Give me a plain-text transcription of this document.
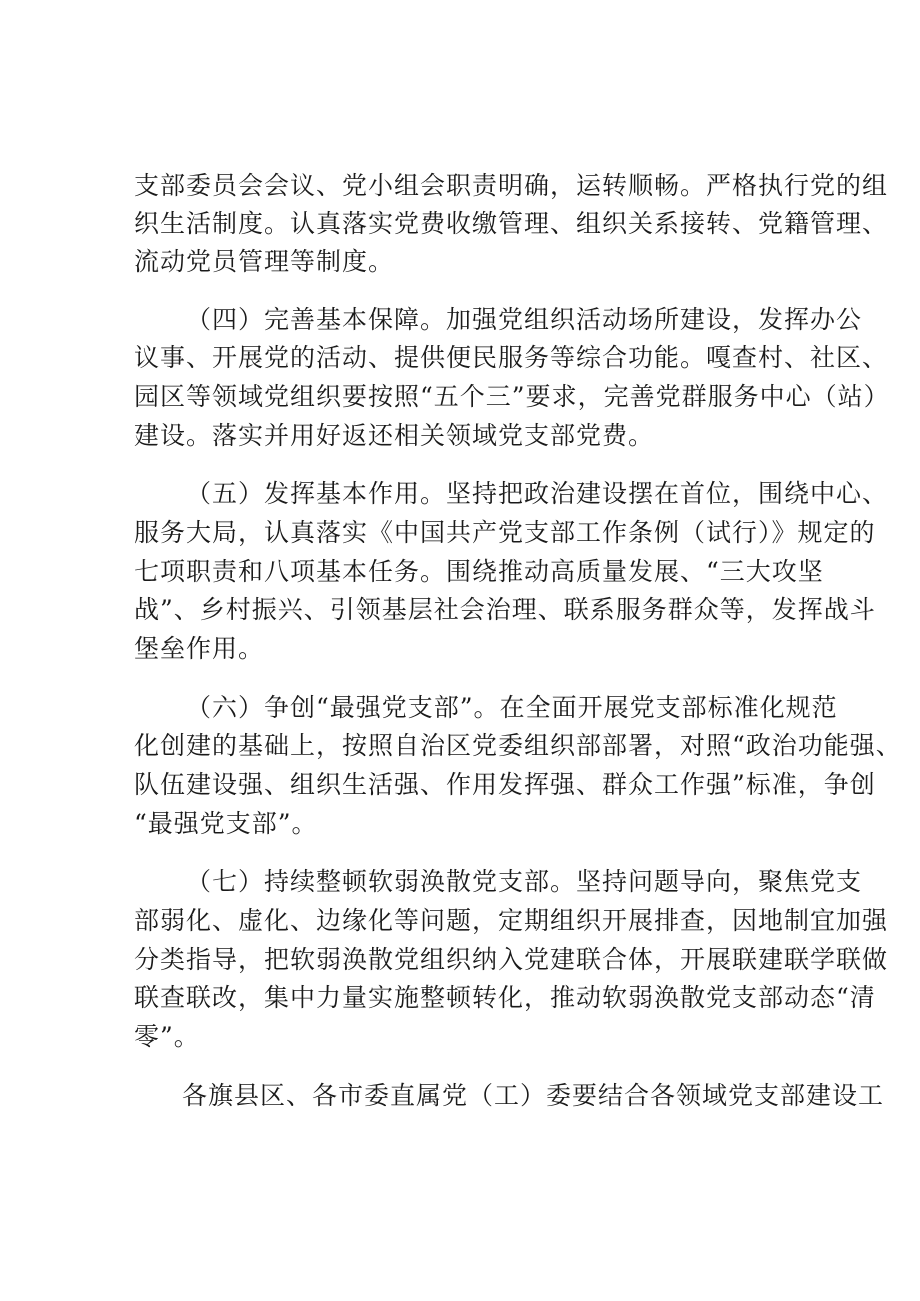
支部委员会会议、党小组会职责明确，运转顺畅。严格执行党的组
织生活制度。认真落实党费收缴管理、组织关系接转、党籍管理、
流动党员管理等制度。
（四）完善基本保障。加强党组织活动场所建设，发挥办公
议事、开展党的活动、提供便民服务等综合功能。嘎查村、社区、
园区等领域党组织要按照“五个三”要求，完善党群服务中心（站）
建设。落实并用好返还相关领域党支部党费。
（五）发挥基本作用。坚持把政治建设摆在首位，围绕中心、
服务大局，认真落实《中国共产党支部工作条例（试行）》规定的
七项职责和八项基本任务。围绕推动高质量发展、“三大攻坚
战”、乡村振兴、引领基层社会治理、联系服务群众等，发挥战斗
堡垒作用。
（六）争创“最强党支部”。在全面开展党支部标准化规范
化创建的基础上，按照自治区党委组织部部署，对照“政治功能强、
队伍建设强、组织生活强、作用发挥强、群众工作强”标准，争创
“最强党支部”。
（七）持续整顿软弱涣散党支部。坚持问题导向，聚焦党支
部弱化、虚化、边缘化等问题，定期组织开展排查，因地制宜加强
分类指导，把软弱涣散党组织纳入党建联合体，开展联建联学联做
联查联改，集中力量实施整顿转化，推动软弱涣散党支部动态“清
零”。
各旗县区、各市委直属党（工）委要结合各领域党支部建设工
